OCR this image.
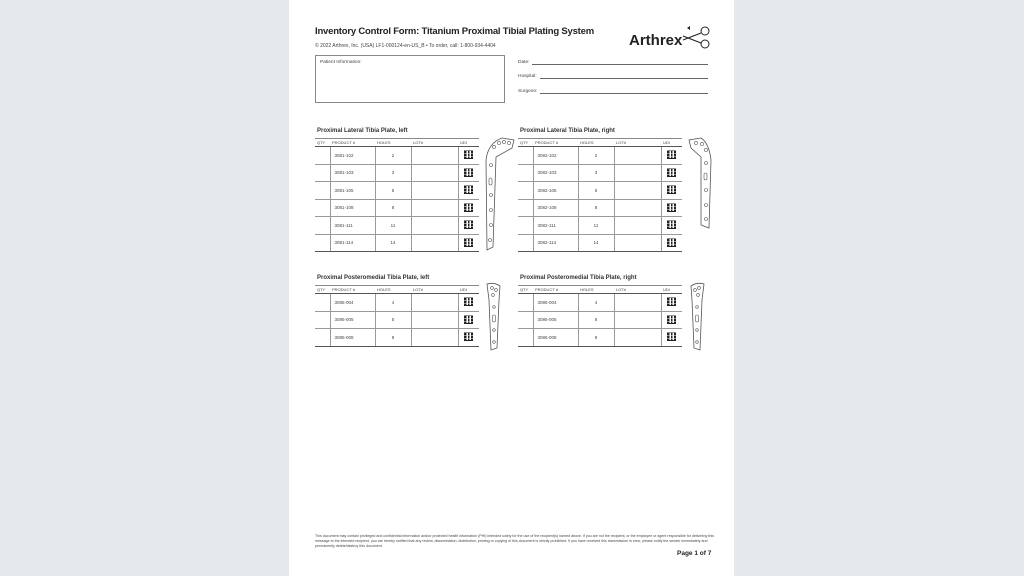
Inventory Control Form: Titanium Proximal Tibial Plating System
© 2022 Arthrex, Inc. (USA) LF1-000124-en-US_B • To order, call: 1-800-934-4404	Arthrex
Patient Information:	Date:
Hospital:
Surgeon:
Proximal Lateral Tibia Plate, left
QTY	PRODUCT #	HOLES	LOT#	UDI
	3081-102	2		
	3081-103	3		
	3081-105	5		
	3081-108	8		
	3081-111	11		
	3081-114	14		
Proximal Lateral Tibia Plate, right
QTY	PRODUCT #	HOLES	LOT#	UDI
	3082-102	2		
	3082-103	3		
	3082-105	5		
	3082-108	8		
	3082-111	11		
	3082-114	14		
Proximal Posteromedial Tibia Plate, left
QTY	PRODUCT #	HOLES	LOT#	UDI
	3085-004	4		
	3085-005	5		
	3085-008	8		
Proximal Posteromedial Tibia Plate, right
QTY	PRODUCT #	HOLES	LOT#	UDI
	3086-004	4		
	3086-005	5		
	3086-008	8		
This document may contain privileged and confidential information and/or protected health information (PHI) intended solely for the use of the recipient(s) named above. If you are not the recipient, or the employee or agent responsible for delivering this message to the intended recipient, you are hereby notified that any review, dissemination, distribution, printing or copying of this document is strictly prohibited. If you have received this transmission in error, please notify the sender immediately and permanently delete/destroy this document.
Page 1 of 7
